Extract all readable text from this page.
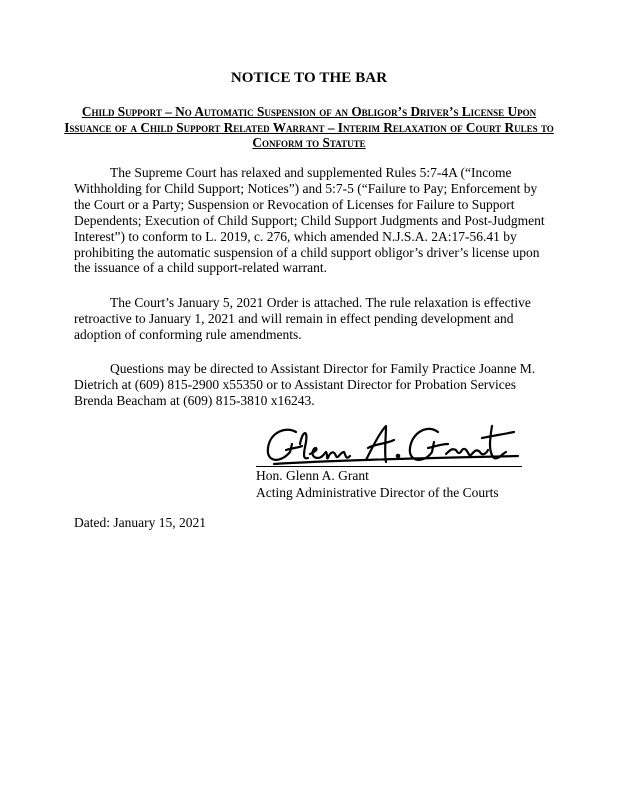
NOTICE TO THE BAR
Child Support – No Automatic Suspension of an Obligor’s Driver’s License Upon Issuance of a Child Support Related Warrant – Interim Relaxation of Court Rules to Conform to Statute

The Supreme Court has relaxed and supplemented Rules 5:7-4A (“Income Withholding for Child Support; Notices”) and 5:7-5 (“Failure to Pay; Enforcement by the Court or a Party; Suspension or Revocation of Licenses for Failure to Support Dependents; Execution of Child Support; Child Support Judgments and Post-Judgment Interest”) to conform to L. 2019, c. 276, which amended N.J.S.A. 2A:17-56.41 by prohibiting the automatic suspension of a child support obligor’s driver’s license upon the issuance of a child support-related warrant.

The Court’s January 5, 2021 Order is attached. The rule relaxation is effective retroactive to January 1, 2021 and will remain in effect pending development and adoption of conforming rule amendments.

Questions may be directed to Assistant Director for Family Practice Joanne M. Dietrich at (609) 815-2900 x55350 or to Assistant Director for Probation Services Brenda Beacham at (609) 815-3810 x16243.

Hon. Glenn A. Grant
Acting Administrative Director of the Courts
Dated: January 15, 2021
